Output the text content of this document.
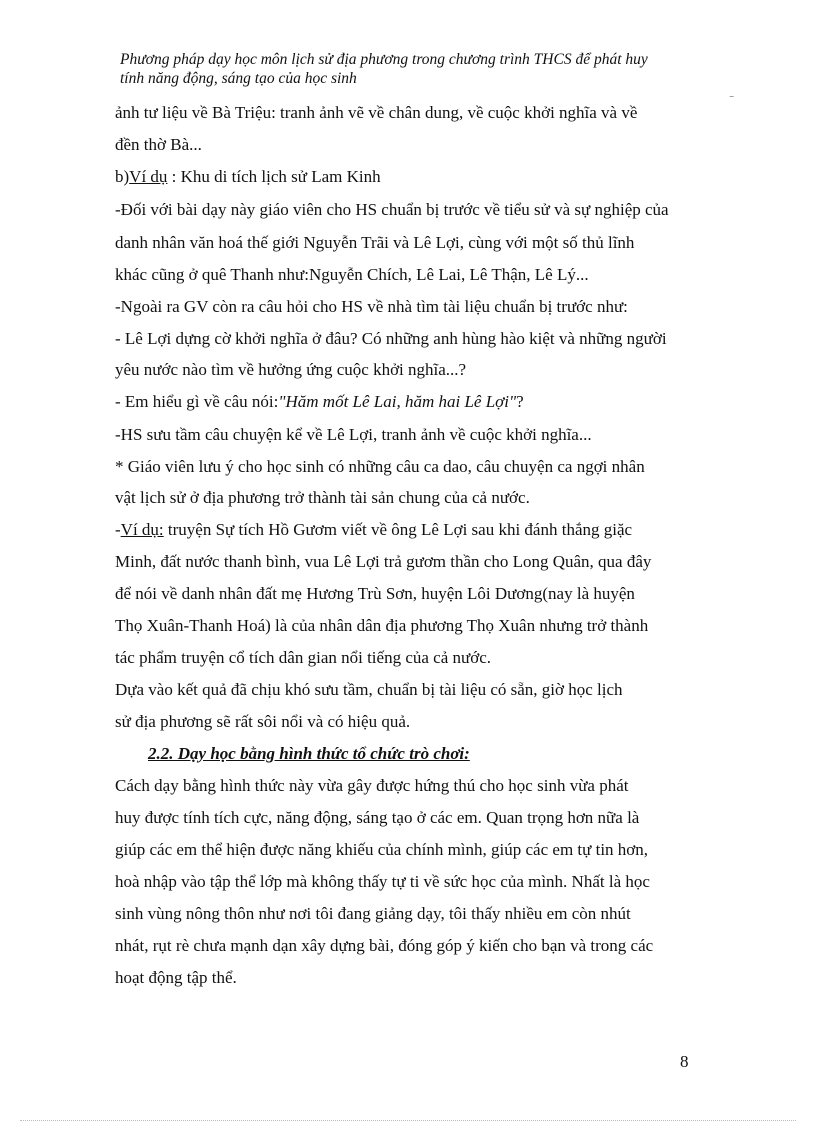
Phương pháp dạy học môn lịch sử địa phương trong chương trình THCS để phát huy
tính năng động, sáng tạo của học sinh
‾
ảnh tư liệu về Bà Triệu: tranh ảnh vẽ về chân dung, về cuộc khởi nghĩa và về
đền thờ Bà...
b)Ví dụ : Khu di tích lịch sử Lam Kinh
-Đối với bài dạy này giáo viên cho HS chuẩn bị trước về tiểu sử và sự nghiệp của
danh nhân văn hoá thế giới Nguyễn Trãi và Lê Lợi, cùng với một số thủ lĩnh
khác cũng ở quê Thanh như:Nguyễn Chích, Lê Lai, Lê Thận, Lê Lý...
-Ngoài ra GV còn ra câu hỏi cho HS về nhà tìm tài liệu chuẩn bị trước như:
- Lê Lợi dựng cờ khởi nghĩa ở đâu? Có những anh hùng hào kiệt và những người
yêu nước nào tìm về hưởng ứng cuộc khởi nghĩa...?
- Em hiểu gì về câu nói:"Hăm mốt Lê Lai, hăm hai Lê Lợi"?
-HS sưu tầm câu chuyện kể về Lê Lợi, tranh ảnh về cuộc khởi nghĩa...
* Giáo viên lưu ý cho học sinh có những câu ca dao, câu chuyện ca ngợi nhân
vật lịch sử ở địa phương trở thành tài sản chung của cả nước.
-Ví dụ: truyện Sự tích Hồ Gươm viết về ông Lê Lợi sau khi đánh thắng giặc
Minh, đất nước thanh bình, vua Lê Lợi trả gươm thần cho Long Quân, qua đây
để nói về danh nhân đất mẹ Hương Trù Sơn, huyện Lôi Dương(nay là huyện
Thọ Xuân-Thanh Hoá) là của nhân dân địa phương Thọ Xuân nhưng trở thành
tác phẩm truyện cổ tích dân gian nổi tiếng của cả nước.
Dựa vào kết quả đã chịu khó sưu tầm, chuẩn bị tài liệu có sẵn, giờ học lịch
sử địa phương sẽ rất sôi nổi và có hiệu quả.
2.2. Dạy học bằng hình thức tổ chức trò chơi:
Cách dạy bằng hình thức này vừa gây được hứng thú cho học sinh vừa phát
huy được tính tích cực, năng động, sáng tạo ở các em. Quan trọng hơn nữa là
giúp các em thể hiện được năng khiếu của chính mình, giúp các em tự tin hơn,
hoà nhập vào tập thể lớp mà không thấy tự ti về sức học của mình. Nhất là học
sinh vùng nông thôn như nơi tôi đang giảng dạy, tôi thấy nhiều em còn nhút
nhát, rụt rè chưa mạnh dạn xây dựng bài, đóng góp ý kiến cho bạn và trong các
hoạt động tập thể.
8
